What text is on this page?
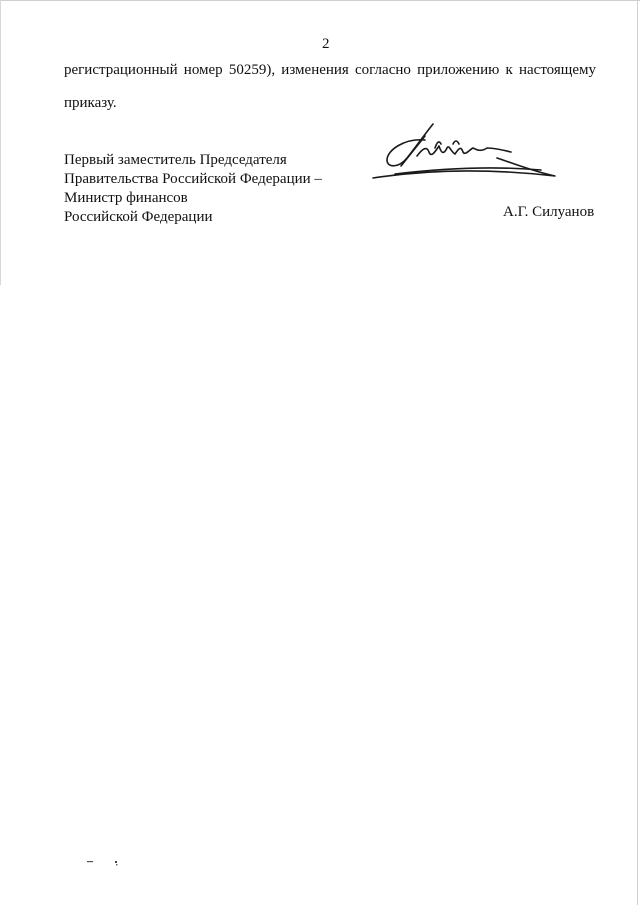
2
регистрационный номер 50259), изменения согласно приложению к настоящему
приказу.
Первый заместитель Председателя
Правительства Российской Федерации –
Министр финансов
Российской Федерации	А.Г. Силуанов
